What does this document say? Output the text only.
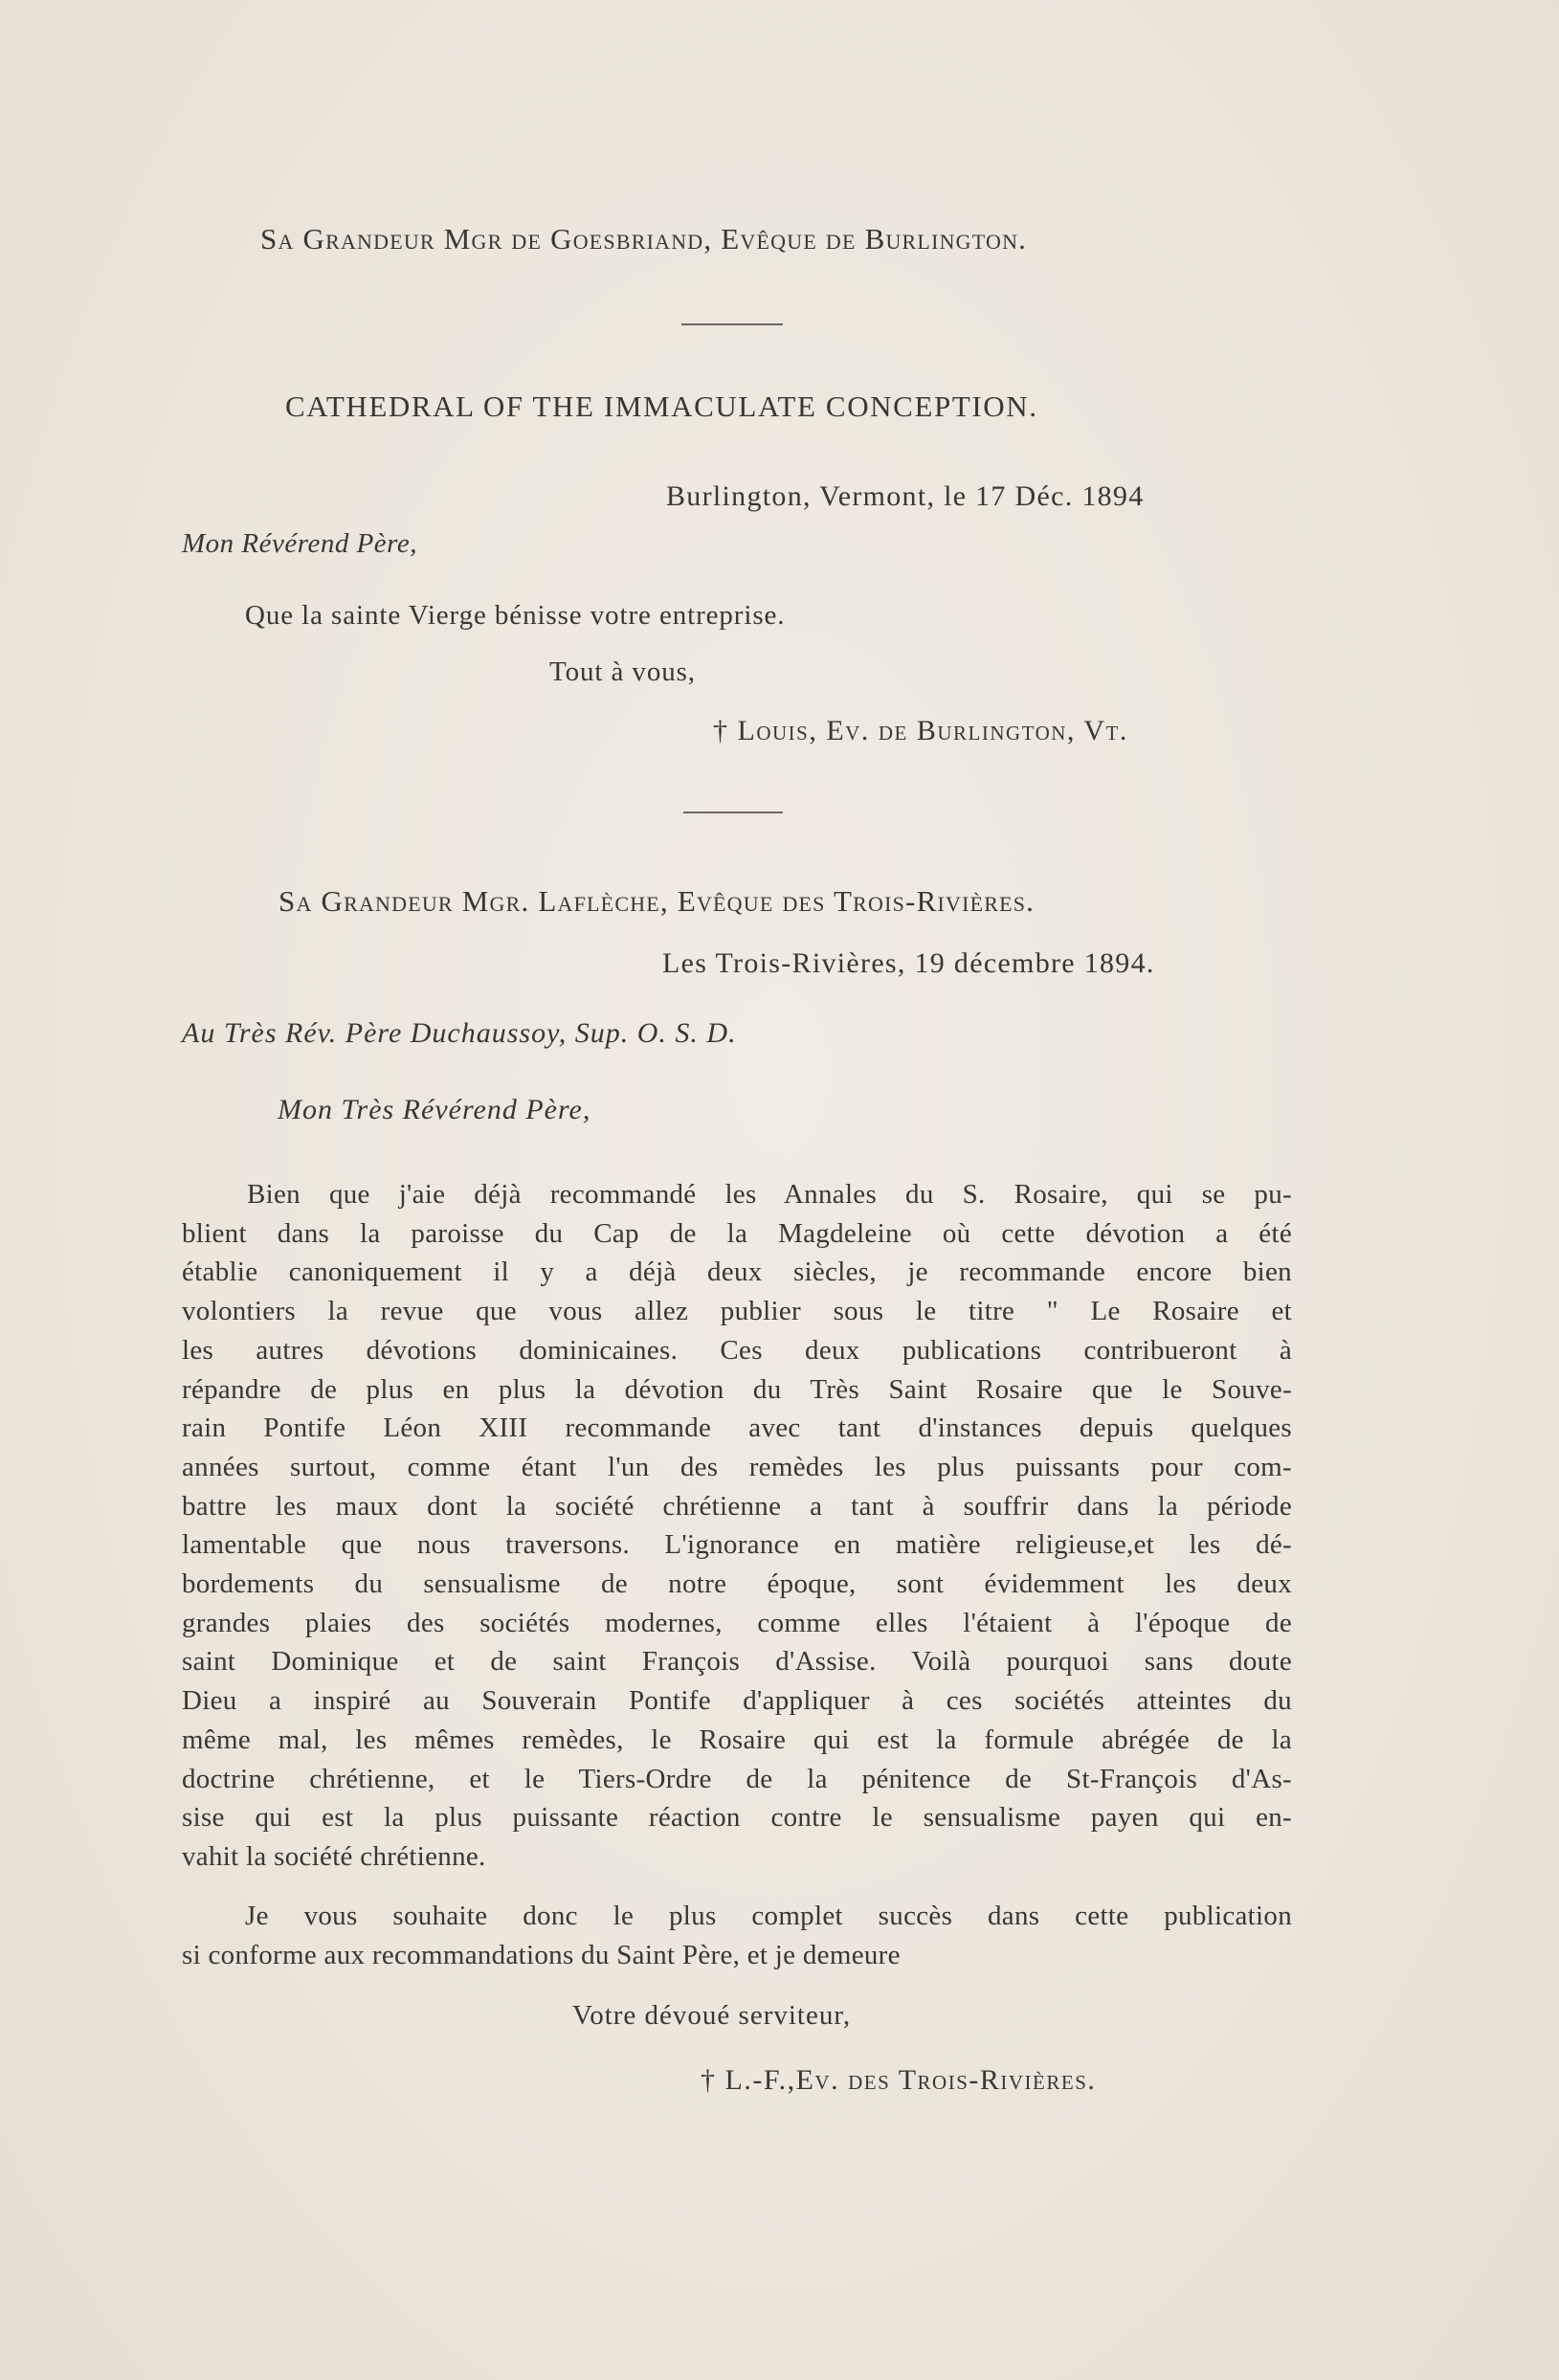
Sa Grandeur Mgr de Goesbriand, Evêque de Burlington.
CATHEDRAL OF THE IMMACULATE CONCEPTION.
Burlington, Vermont, le 17 Déc. 1894
Mon Révérend Père,
Que la sainte Vierge bénisse votre entreprise.
Tout à vous,
† Louis, Ev. de Burlington, Vt.
Sa Grandeur Mgr. Laflèche, Evêque des Trois-Rivières.
Les Trois-Rivières, 19 décembre 1894.
Au Très Rév. Père Duchaussoy, Sup. O. S. D.
Mon Très Révérend Père,
Bien que j'aie déjà recommandé les Annales du S. Rosaire, qui se pu-
blient dans la paroisse du Cap de la Magdeleine où cette dévotion a été
établie canoniquement il y a déjà deux siècles, je recommande encore bien
volontiers la revue que vous allez publier sous le titre " Le Rosaire et
les autres dévotions dominicaines. Ces deux publications contribueront à
répandre de plus en plus la dévotion du Très Saint Rosaire que le Souve-
rain Pontife Léon XIII recommande avec tant d'instances depuis quelques
années surtout, comme étant l'un des remèdes les plus puissants pour com-
battre les maux dont la société chrétienne a tant à souffrir dans la période
lamentable que nous traversons. L'ignorance en matière religieuse,et les dé-
bordements du sensualisme de notre époque, sont évidemment les deux
grandes plaies des sociétés modernes, comme elles l'étaient à l'époque de
saint Dominique et de saint François d'Assise. Voilà pourquoi sans doute
Dieu a inspiré au Souverain Pontife d'appliquer à ces sociétés atteintes du
même mal, les mêmes remèdes, le Rosaire qui est la formule abrégée de la
doctrine chrétienne, et le Tiers-Ordre de la pénitence de St-François d'As-
sise qui est la plus puissante réaction contre le sensualisme payen qui en-
vahit la société chrétienne.
Je vous souhaite donc le plus complet succès dans cette publication
si conforme aux recommandations du Saint Père, et je demeure
Votre dévoué serviteur,
† L.-F.,Ev. des Trois-Rivières.
